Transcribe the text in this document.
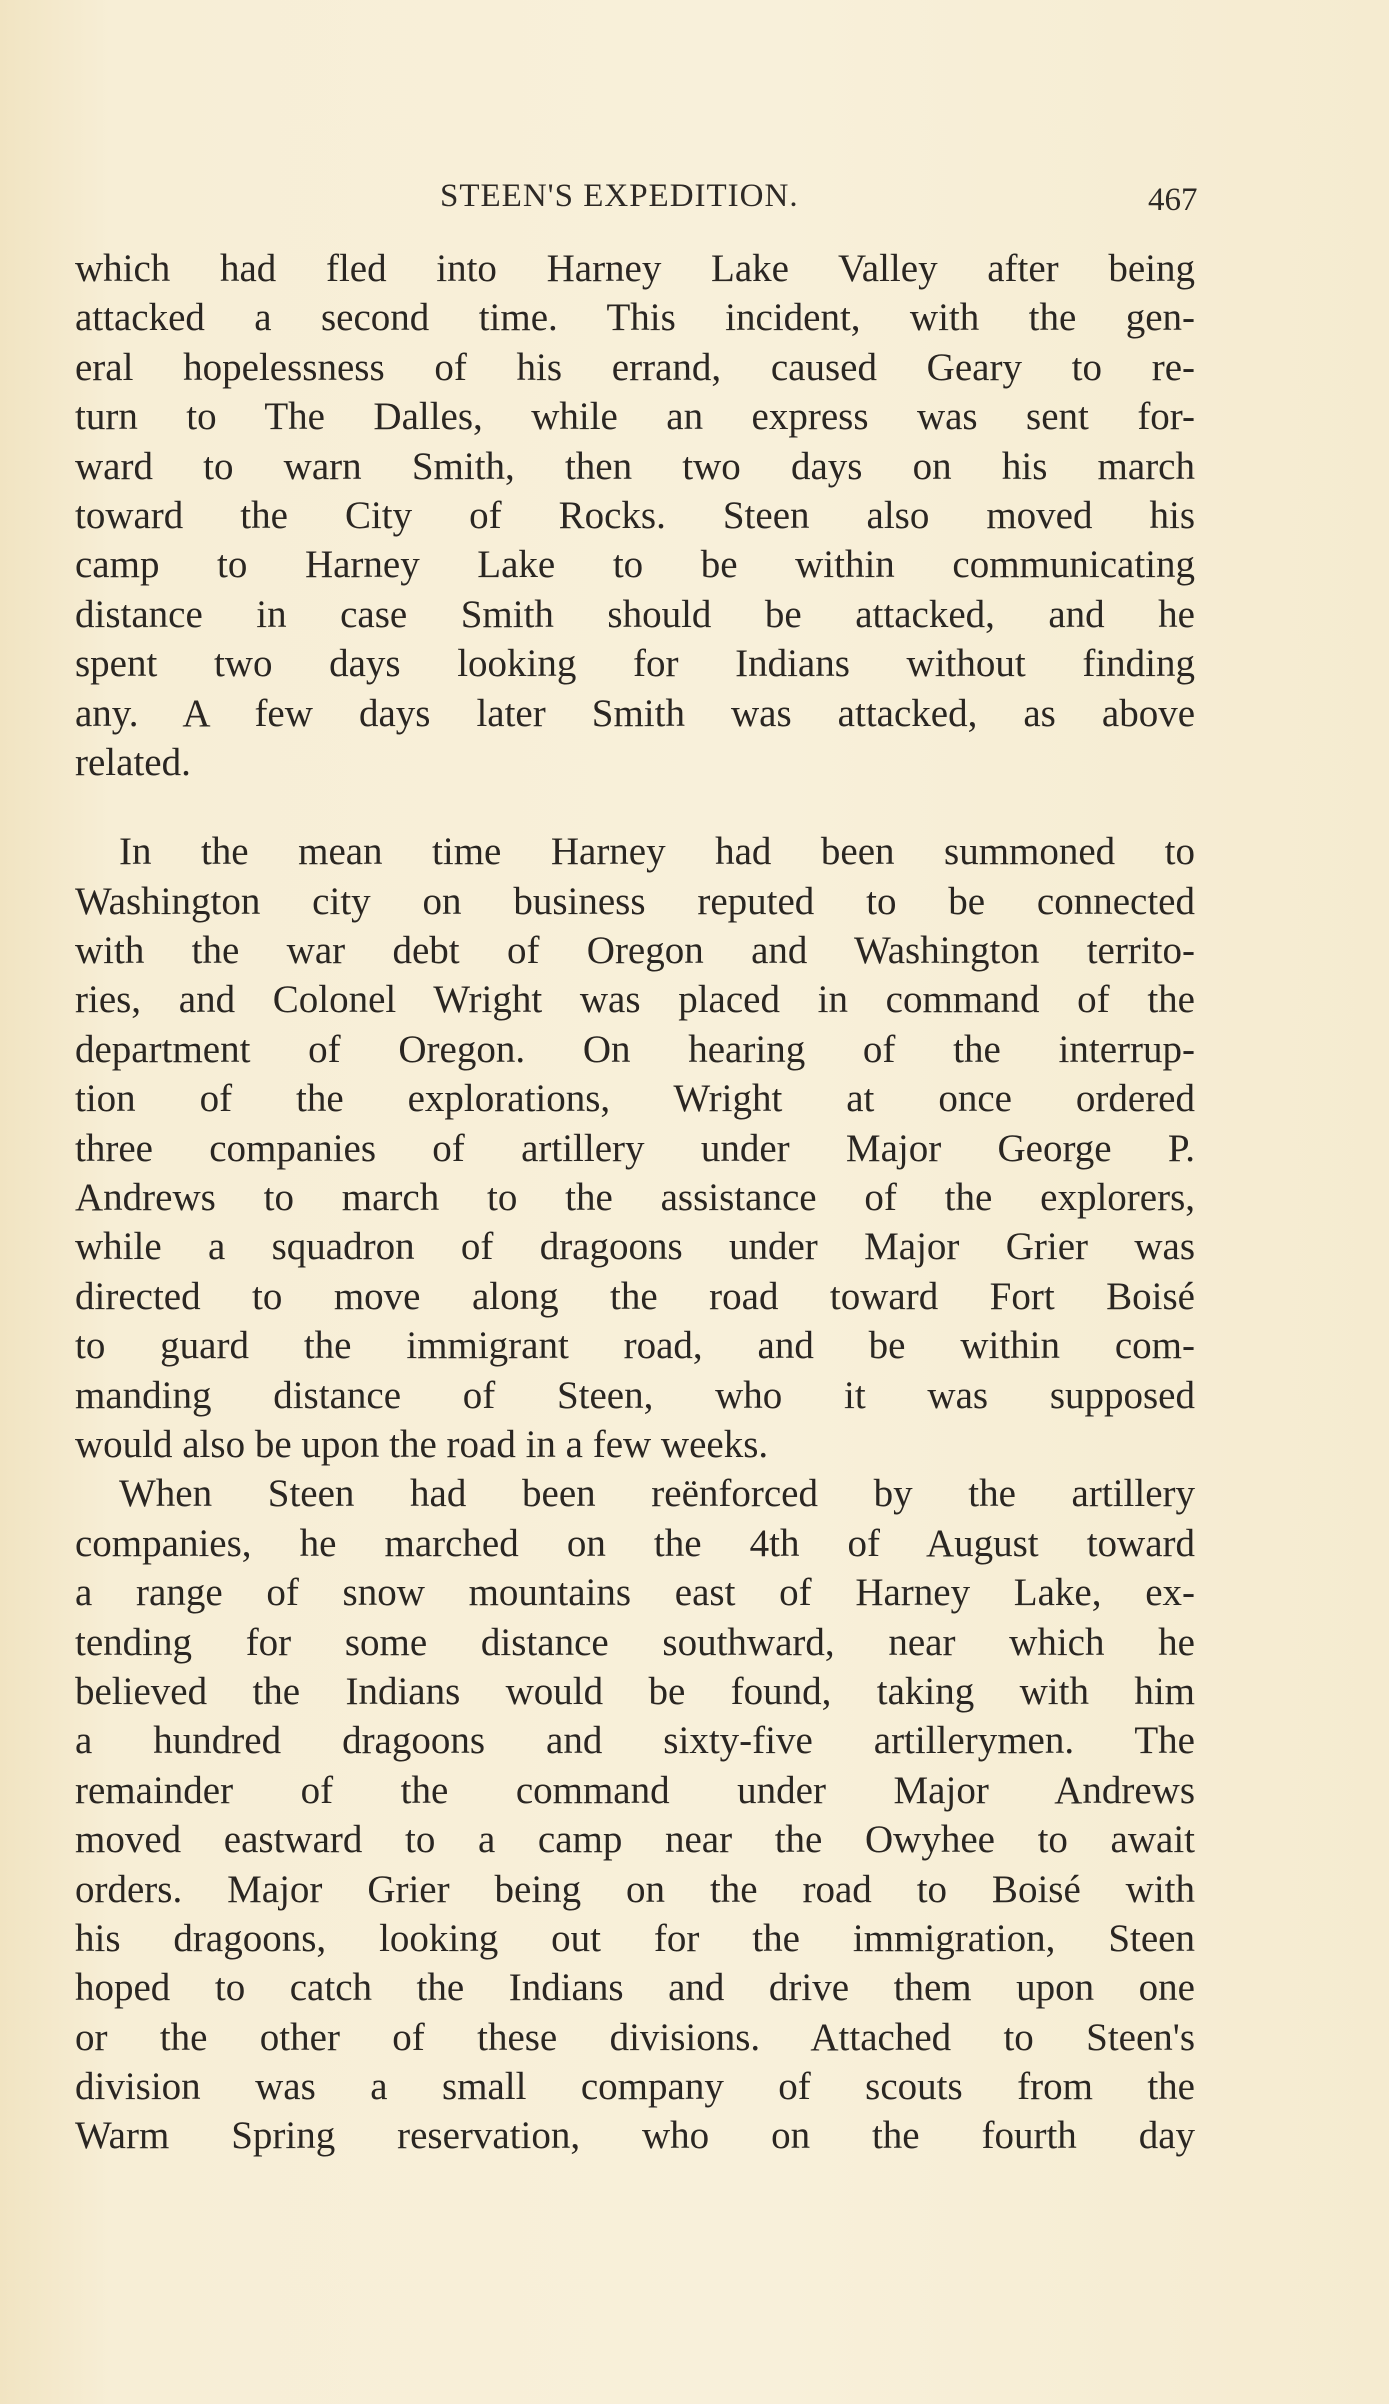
STEEN'S EXPEDITION.	467
which had fled into Harney Lake Valley after being
attacked a second time. This incident, with the gen-
eral hopelessness of his errand, caused Geary to re-
turn to The Dalles, while an express was sent for-
ward to warn Smith, then two days on his march
toward the City of Rocks. Steen also moved his
camp to Harney Lake to be within communicating
distance in case Smith should be attacked, and he
spent two days looking for Indians without finding
any. A few days later Smith was attacked, as above
related.
In the mean time Harney had been summoned to
Washington city on business reputed to be connected
with the war debt of Oregon and Washington territo-
ries, and Colonel Wright was placed in command of the
department of Oregon. On hearing of the interrup-
tion of the explorations, Wright at once ordered
three companies of artillery under Major George P.
Andrews to march to the assistance of the explorers,
while a squadron of dragoons under Major Grier was
directed to move along the road toward Fort Boisé
to guard the immigrant road, and be within com-
manding distance of Steen, who it was supposed
would also be upon the road in a few weeks.
When Steen had been reënforced by the artillery
companies, he marched on the 4th of August toward
a range of snow mountains east of Harney Lake, ex-
tending for some distance southward, near which he
believed the Indians would be found, taking with him
a hundred dragoons and sixty-five artillerymen. The
remainder of the command under Major Andrews
moved eastward to a camp near the Owyhee to await
orders. Major Grier being on the road to Boisé with
his dragoons, looking out for the immigration, Steen
hoped to catch the Indians and drive them upon one
or the other of these divisions. Attached to Steen's
division was a small company of scouts from the
Warm Spring reservation, who on the fourth day
